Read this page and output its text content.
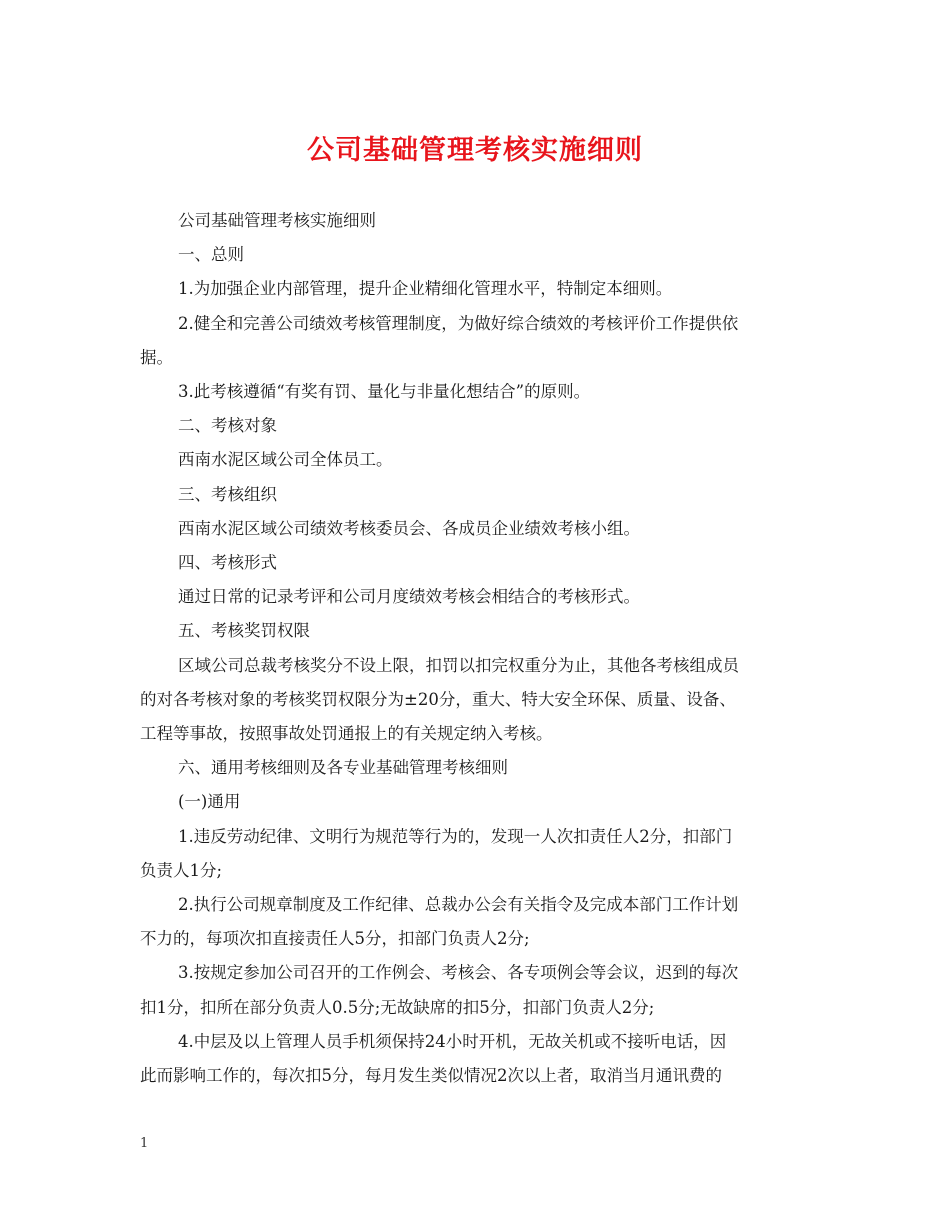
公司基础管理考核实施细则
公司基础管理考核实施细则
一、总则
1.为加强企业内部管理，提升企业精细化管理水平，特制定本细则。
2.健全和完善公司绩效考核管理制度，为做好综合绩效的考核评价工作提供依
据。
3.此考核遵循“有奖有罚、量化与非量化想结合”的原则。
二、考核对象
西南水泥区域公司全体员工。
三、考核组织
西南水泥区域公司绩效考核委员会、各成员企业绩效考核小组。
四、考核形式
通过日常的记录考评和公司月度绩效考核会相结合的考核形式。
五、考核奖罚权限
区域公司总裁考核奖分不设上限，扣罚以扣完权重分为止，其他各考核组成员
的对各考核对象的考核奖罚权限分为±20分，重大、特大安全环保、质量、设备、
工程等事故，按照事故处罚通报上的有关规定纳入考核。
六、通用考核细则及各专业基础管理考核细则
(一)通用
1.违反劳动纪律、文明行为规范等行为的，发现一人次扣责任人2分，扣部门
负责人1分;
2.执行公司规章制度及工作纪律、总裁办公会有关指令及完成本部门工作计划
不力的，每项次扣直接责任人5分，扣部门负责人2分;
3.按规定参加公司召开的工作例会、考核会、各专项例会等会议，迟到的每次
扣1分，扣所在部分负责人0.5分;无故缺席的扣5分，扣部门负责人2分;
4.中层及以上管理人员手机须保持24小时开机，无故关机或不接听电话，因
此而影响工作的，每次扣5分，每月发生类似情况2次以上者，取消当月通讯费的
1
